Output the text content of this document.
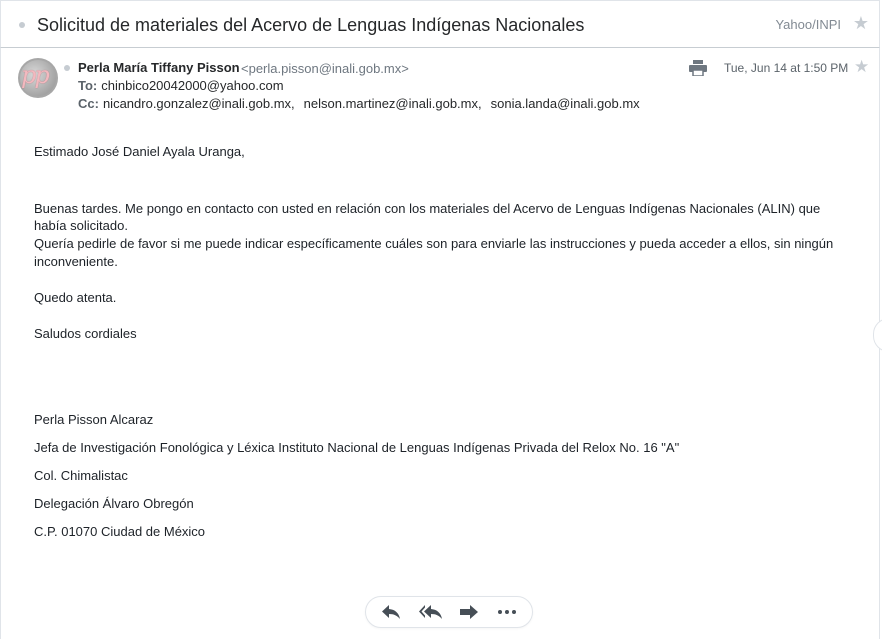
Solicitud de materiales del Acervo de Lenguas Indígenas Nacionales	Yahoo/INPI ★
pp Perla María Tiffany Pisson <perla.pisson@inali.gob.mx>
To: chinbico20042000@yahoo.com
Cc: nicandro.gonzalez@inali.gob.mx, nelson.martinez@inali.gob.mx, sonia.landa@inali.gob.mx
Tue, Jun 14 at 1:50 PM ★
Estimado José Daniel Ayala Uranga,
Buenas tardes. Me pongo en contacto con usted en relación con los materiales del Acervo de Lenguas Indígenas Nacionales (ALIN) que
había solicitado.
Quería pedirle de favor si me puede indicar específicamente cuáles son para enviarle las instrucciones y pueda acceder a ellos, sin ningún
inconveniente.
Quedo atenta.
Saludos cordiales
Perla Pisson Alcaraz
Jefa de Investigación Fonológica y Léxica Instituto Nacional de Lenguas Indígenas Privada del Relox No. 16 "A"
Col. Chimalistac
Delegación Álvaro Obregón
C.P. 01070 Ciudad de México
